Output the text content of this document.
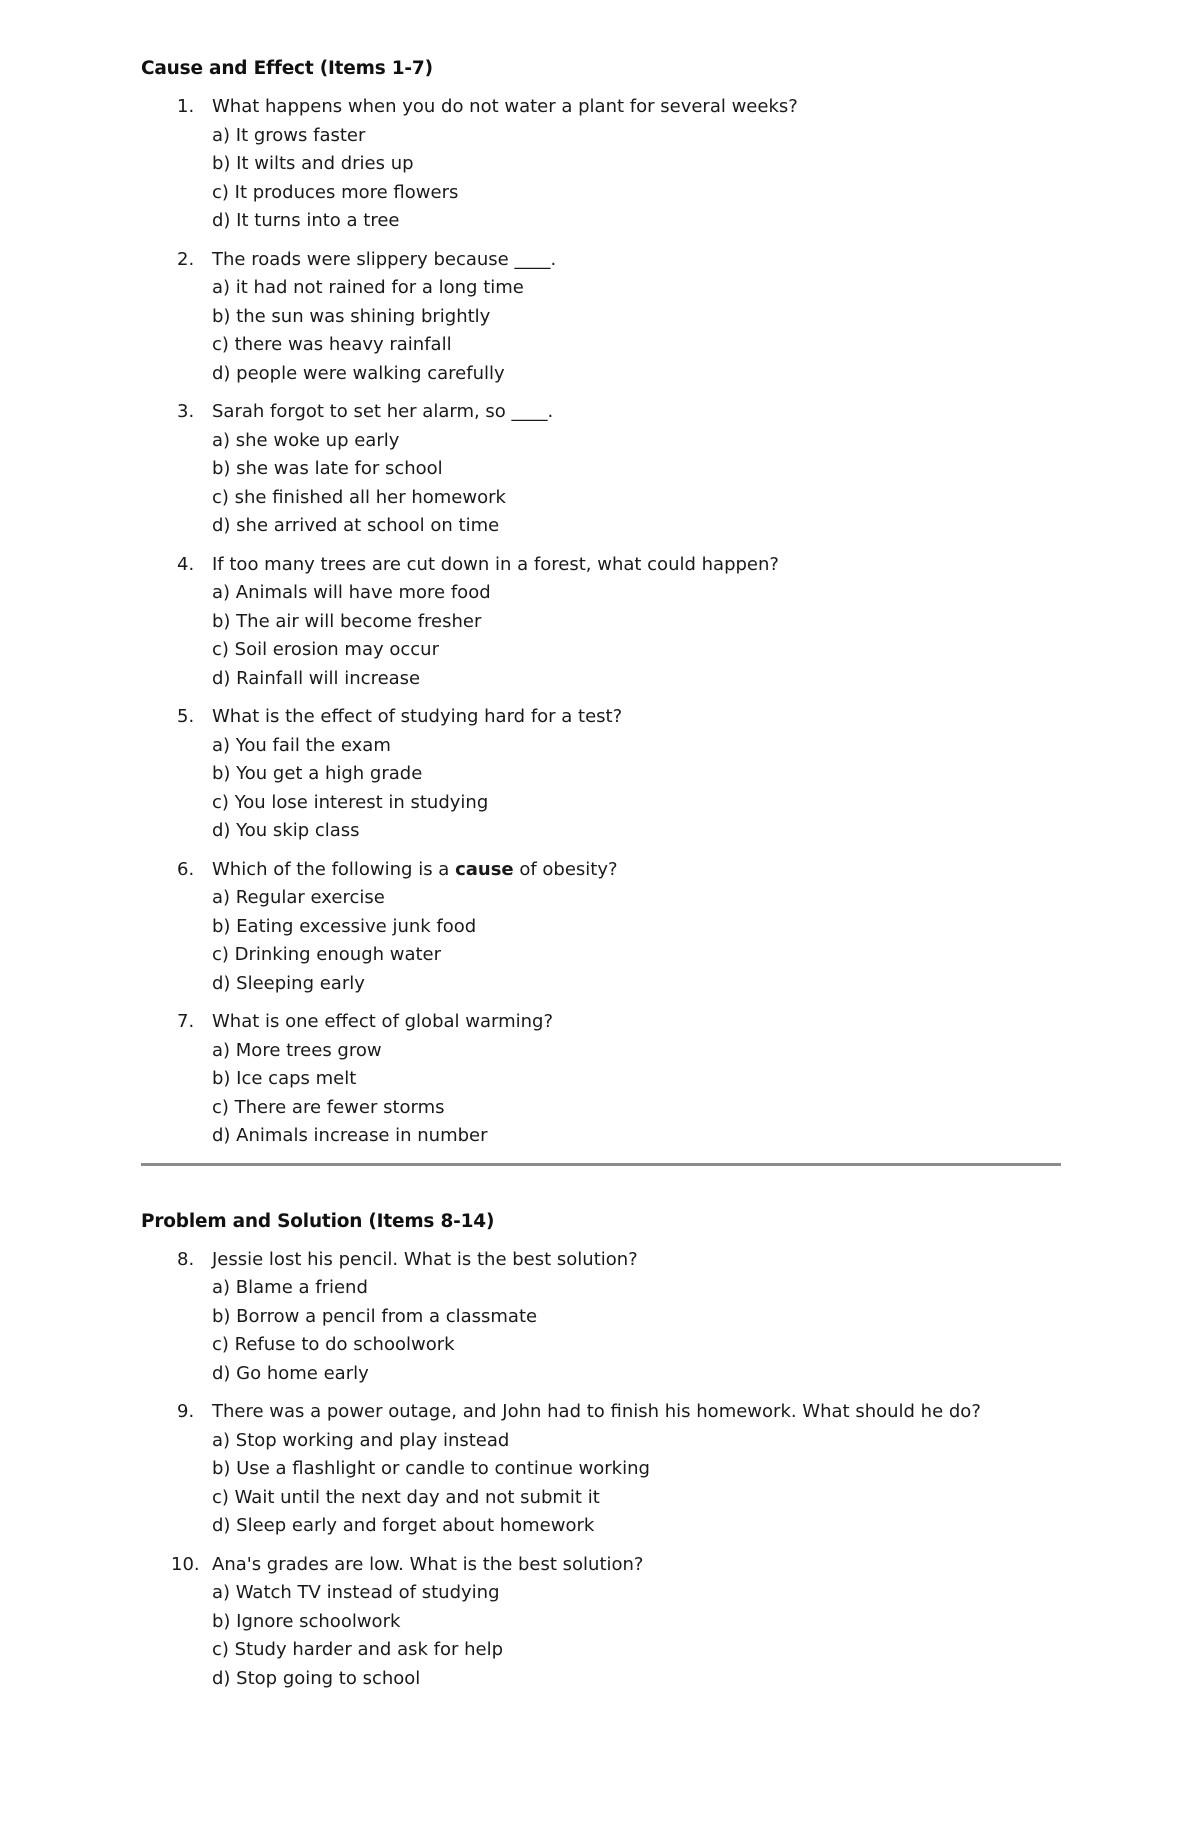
Cause and Effect (Items 1-7)
1. What happens when you do not water a plant for several weeks?
a) It grows faster
b) It wilts and dries up
c) It produces more flowers
d) It turns into a tree
2. The roads were slippery because ____.
a) it had not rained for a long time
b) the sun was shining brightly
c) there was heavy rainfall
d) people were walking carefully
3. Sarah forgot to set her alarm, so ____.
a) she woke up early
b) she was late for school
c) she finished all her homework
d) she arrived at school on time
4. If too many trees are cut down in a forest, what could happen?
a) Animals will have more food
b) The air will become fresher
c) Soil erosion may occur
d) Rainfall will increase
5. What is the effect of studying hard for a test?
a) You fail the exam
b) You get a high grade
c) You lose interest in studying
d) You skip class
6. Which of the following is a cause of obesity?
a) Regular exercise
b) Eating excessive junk food
c) Drinking enough water
d) Sleeping early
7. What is one effect of global warming?
a) More trees grow
b) Ice caps melt
c) There are fewer storms
d) Animals increase in number
Problem and Solution (Items 8-14)
8. Jessie lost his pencil. What is the best solution?
a) Blame a friend
b) Borrow a pencil from a classmate
c) Refuse to do schoolwork
d) Go home early
9. There was a power outage, and John had to finish his homework. What should he do?
a) Stop working and play instead
b) Use a flashlight or candle to continue working
c) Wait until the next day and not submit it
d) Sleep early and forget about homework
10. Ana's grades are low. What is the best solution?
a) Watch TV instead of studying
b) Ignore schoolwork
c) Study harder and ask for help
d) Stop going to school
